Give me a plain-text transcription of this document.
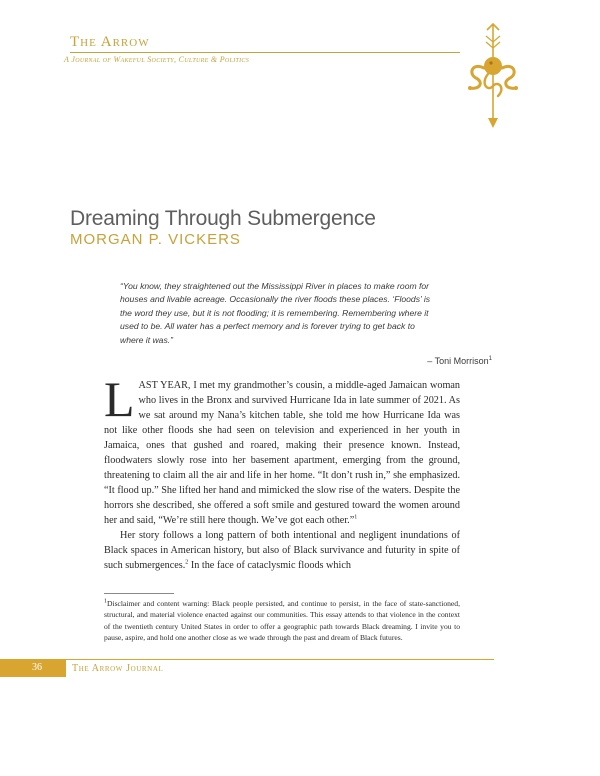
The Arrow
A Journal of Wakeful Society, Culture & Politics
Dreaming Through Submergence
MORGAN P. VICKERS
“You know, they straightened out the Mississippi River in places to make room for houses and livable acreage. Occasionally the river floods these places. ‘Floods’ is the word they use, but it is not flooding; it is remembering. Remembering where it used to be. All water has a perfect memory and is forever trying to get back to where it was.”
– Toni Morrison$^1$

LAST YEAR, I met my grandmother’s cousin, a middle-aged Jamaican woman who lives in the Bronx and survived Hurricane Ida in late summer of 2021. As we sat around my Nana’s kitchen table, she told me how Hurricane Ida was not like other floods she had seen on television and experienced in her youth in Jamaica, ones that gushed and roared, making their presence known. Instead, floodwaters slowly rose into her basement apartment, emerging from the ground, threatening to claim all the air and life in her home. “It don’t rush in,” she emphasized. “It flood up.” She lifted her hand and mimicked the slow rise of the waters. Despite the horrors she described, she offered a soft smile and gestured toward the women around her and said, “We’re still here though. We’ve got each other.”$^1$

Her story follows a long pattern of both intentional and negligent inundations of Black spaces in American history, but also of Black survivance and futurity in spite of such submergences.$^2$ In the face of cataclysmic floods which

$^1$Disclaimer and content warning: Black people persisted, and continue to persist, in the face of state-sanctioned, structural, and material violence enacted against our communities. This essay attends to that violence in the context of the twentieth century United States in order to offer a geographic path towards Black dreaming. I invite you to pause, aspire, and hold one another close as we wade through the past and dream of Black futures.
36	The Arrow Journal
